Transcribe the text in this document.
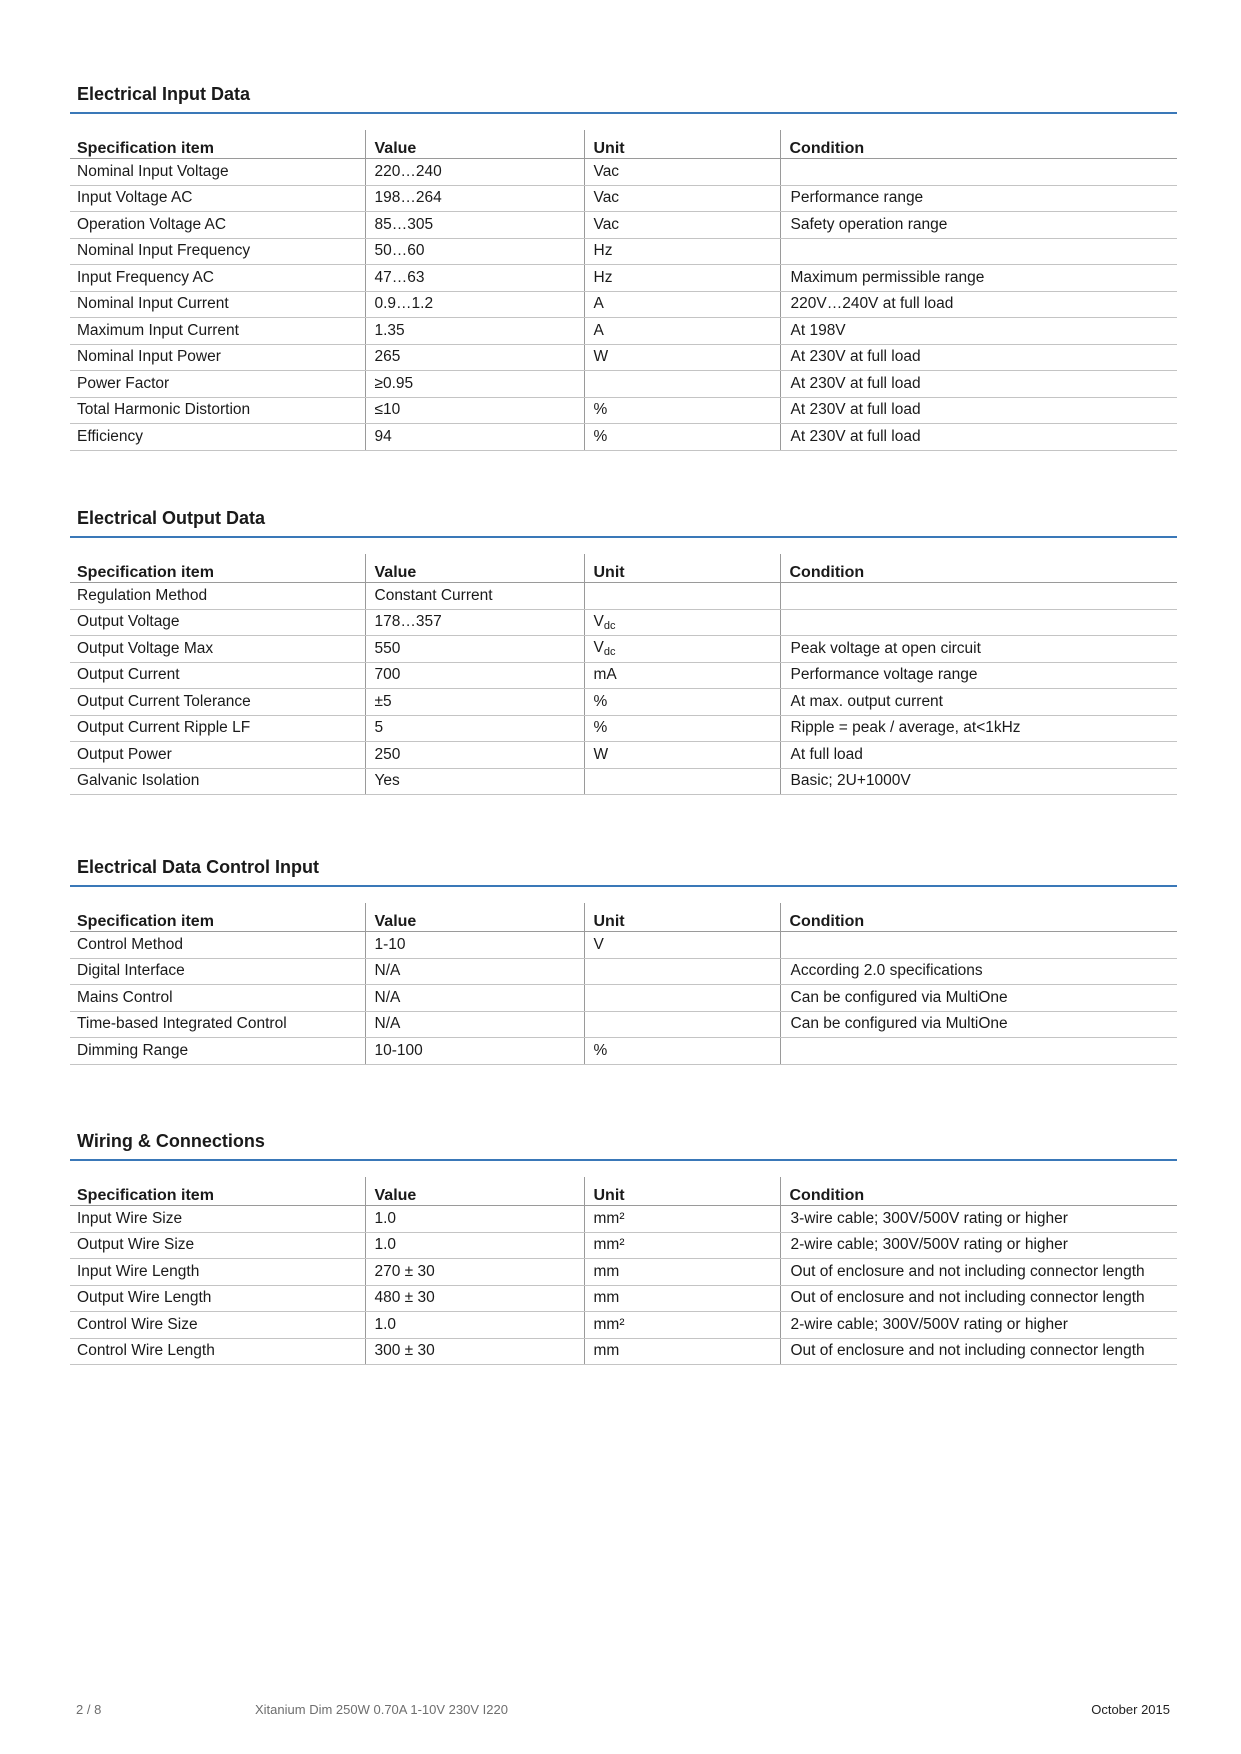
Electrical Input Data
Specification item	Value	Unit	Condition
Nominal Input Voltage	220…240	Vac	
Input Voltage AC	198…264	Vac	Performance range
Operation Voltage AC	85…305	Vac	Safety operation range
Nominal Input Frequency	50…60	Hz	
Input Frequency AC	47…63	Hz	Maximum permissible range
Nominal Input Current	0.9…1.2	A	220V…240V at full load
Maximum Input Current	1.35	A	At 198V
Nominal Input Power	265	W	At 230V at full load
Power Factor	≥0.95		At 230V at full load
Total Harmonic Distortion	≤10	%	At 230V at full load
Efficiency	94	%	At 230V at full load
Electrical Output Data
Specification item	Value	Unit	Condition
Regulation Method	Constant Current		
Output Voltage	178…357	$V_{dc}$	
Output Voltage Max	550	$V_{dc}$	Peak voltage at open circuit
Output Current	700	mA	Performance voltage range
Output Current Tolerance	±5	%	At max. output current
Output Current Ripple LF	5	%	Ripple = peak / average, at<1kHz
Output Power	250	W	At full load
Galvanic Isolation	Yes		Basic; 2U+1000V
Electrical Data Control Input
Specification item	Value	Unit	Condition
Control Method	1-10	V	
Digital Interface	N/A		According 2.0 specifications
Mains Control	N/A		Can be configured via MultiOne
Time-based Integrated Control	N/A		Can be configured via MultiOne
Dimming Range	10-100	%	
Wiring & Connections
Specification item	Value	Unit	Condition
Input Wire Size	1.0	mm²	3-wire cable; 300V/500V rating or higher
Output Wire Size	1.0	mm²	2-wire cable; 300V/500V rating or higher
Input Wire Length	270 ± 30	mm	Out of enclosure and not including connector length
Output Wire Length	480 ± 30	mm	Out of enclosure and not including connector length
Control Wire Size	1.0	mm²	2-wire cable; 300V/500V rating or higher
Control Wire Length	300 ± 30	mm	Out of enclosure and not including connector length
2 / 8	Xitanium Dim 250W 0.70A 1-10V 230V I220	October 2015
